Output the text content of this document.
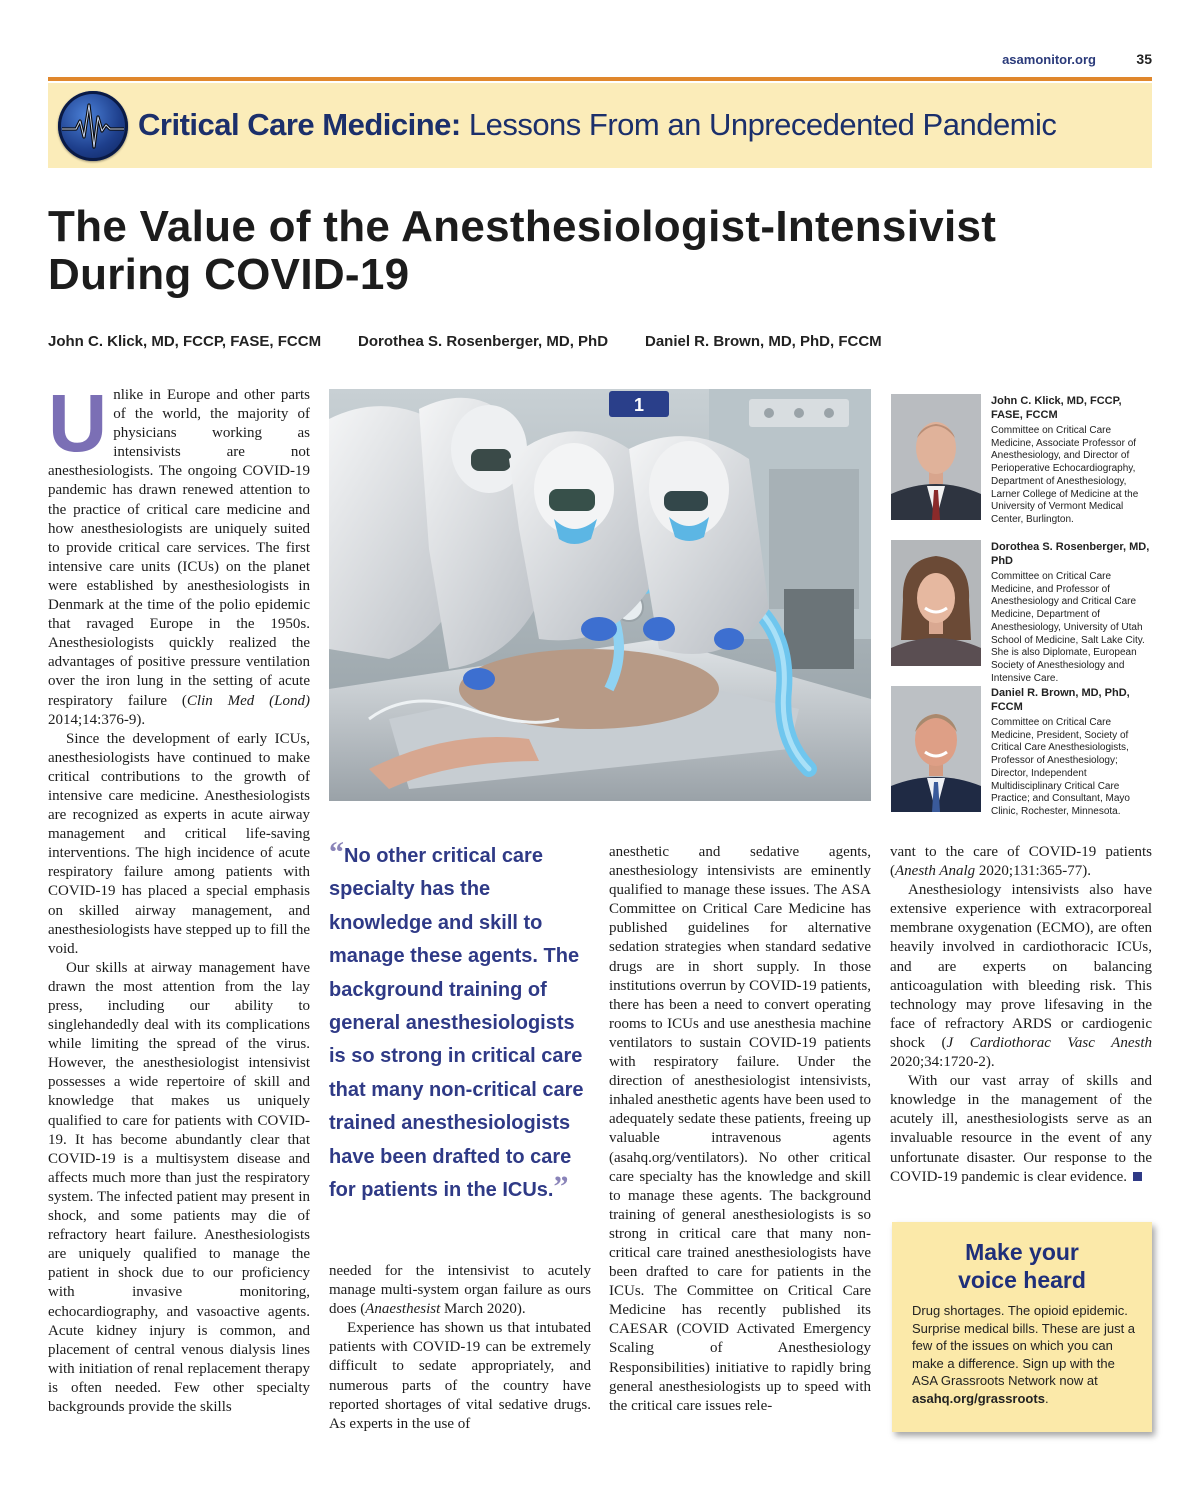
asamonitor.org	35
Critical Care Medicine: Lessons From an Unprecedented Pandemic
The Value of the Anesthesiologist-Intensivist During COVID-19
John C. Klick, MD, FCCP, FASE, FCCM Dorothea S. Rosenberger, MD, PhD Daniel R. Brown, MD, PhD, FCCM

Unlike in Europe and other parts of the world, the majority of physicians working as intensivists are not anesthesiologists. The ongoing COVID-19 pandemic has drawn renewed attention to the practice of critical care medicine and how anesthesiologists are uniquely suited to provide critical care services. The first intensive care units (ICUs) on the planet were established by anesthesiologists in Denmark at the time of the polio epidemic that ravaged Europe in the 1950s. Anesthesiologists quickly realized the advantages of positive pressure ventilation over the iron lung in the setting of acute respiratory failure (Clin Med (Lond) 2014;14:376-9).

Since the development of early ICUs, anesthesiologists have continued to make critical contributions to the growth of intensive care medicine. Anesthesiologists are recognized as experts in acute airway management and critical life-saving interventions. The high incidence of acute respiratory failure among patients with COVID-19 has placed a special emphasis on skilled airway management, and anesthesiologists have stepped up to fill the void.

Our skills at airway management have drawn the most attention from the lay press, including our ability to singlehandedly deal with its complications while limiting the spread of the virus. However, the anesthesiologist intensivist possesses a wide repertoire of skill and knowledge that makes us uniquely qualified to care for patients with COVID-19. It has become abundantly clear that COVID-19 is a multisystem disease and affects much more than just the respiratory system. The infected patient may present in shock, and some patients may die of refractory heart failure. Anesthesiologists are uniquely qualified to manage the patient in shock due to our proficiency with invasive monitoring, echocardiography, and vasoactive agents. Acute kidney injury is common, and placement of central venous dialysis lines with initiation of renal replacement therapy is often needed. Few other specialty backgrounds provide the skills

1	John C. Klick, MD, FCCP, FASE, FCCM
Committee on Critical Care Medicine, Associate Professor of Anesthesiology, and Director of Perioperative Echocardiography, Department of Anesthesiology, Larner College of Medicine at the University of Vermont Medical Center, Burlington.
Dorothea S. Rosenberger, MD, PhD
Committee on Critical Care Medicine, and Professor of Anesthesiology and Critical Care Medicine, Department of Anesthesiology, University of Utah School of Medicine, Salt Lake City. She is also Diplomate, European Society of Anesthesiology and Intensive Care.
Daniel R. Brown, MD, PhD, FCCM
Committee on Critical Care Medicine, President, Society of Critical Care Anesthesiologists, Professor of Anesthesiology; Director, Independent Multidisciplinary Critical Care Practice; and Consultant, Mayo Clinic, Rochester, Minnesota.
“No other critical care specialty has the knowledge and skill to manage these agents. The background training of general anesthesiologists is so strong in critical care that many non-critical care trained anesthesiologists have been drafted to care for patients in the ICUs.”

needed for the intensivist to acutely manage multi-system organ failure as ours does (Anaesthesist March 2020).

Experience has shown us that intubated patients with COVID-19 can be extremely difficult to sedate appropriately, and numerous parts of the country have reported shortages of vital sedative drugs. As experts in the use of

anesthetic and sedative agents, anesthesiology intensivists are eminently qualified to manage these issues. The ASA Committee on Critical Care Medicine has published guidelines for alternative sedation strategies when standard sedative drugs are in short supply. In those institutions overrun by COVID-19 patients, there has been a need to convert operating rooms to ICUs and use anesthesia machine ventilators to sustain COVID-19 patients with respiratory failure. Under the direction of anesthesiologist intensivists, inhaled anesthetic agents have been used to adequately sedate these patients, freeing up valuable intravenous agents (asahq.org/ventilators). No other critical care specialty has the knowledge and skill to manage these agents. The background training of general anesthesiologists is so strong in critical care that many non-critical care trained anesthesiologists have been drafted to care for patients in the ICUs. The Committee on Critical Care Medicine has recently published its CAESAR (COVID Activated Emergency Scaling of Anesthesiology Responsibilities) initiative to rapidly bring general anesthesiologists up to speed with the critical care issues rele-

vant to the care of COVID-19 patients (Anesth Analg 2020;131:365-77).

Anesthesiology intensivists also have extensive experience with extracorporeal membrane oxygenation (ECMO), are often heavily involved in cardiothoracic ICUs, and are experts on balancing anticoagulation with bleeding risk. This technology may prove lifesaving in the face of refractory ARDS or cardiogenic shock (J Cardiothorac Vasc Anesth 2020;34:1720-2).

With our vast array of skills and knowledge in the management of the acutely ill, anesthesiologists serve as an invaluable resource in the event of any unfortunate disaster. Our response to the COVID-19 pandemic is clear evidence.

Make your
voice heard
Drug shortages. The opioid epidemic. Surprise medical bills. These are just a few of the issues on which you can make a difference. Sign up with the ASA Grassroots Network now at asahq.org/grassroots.
